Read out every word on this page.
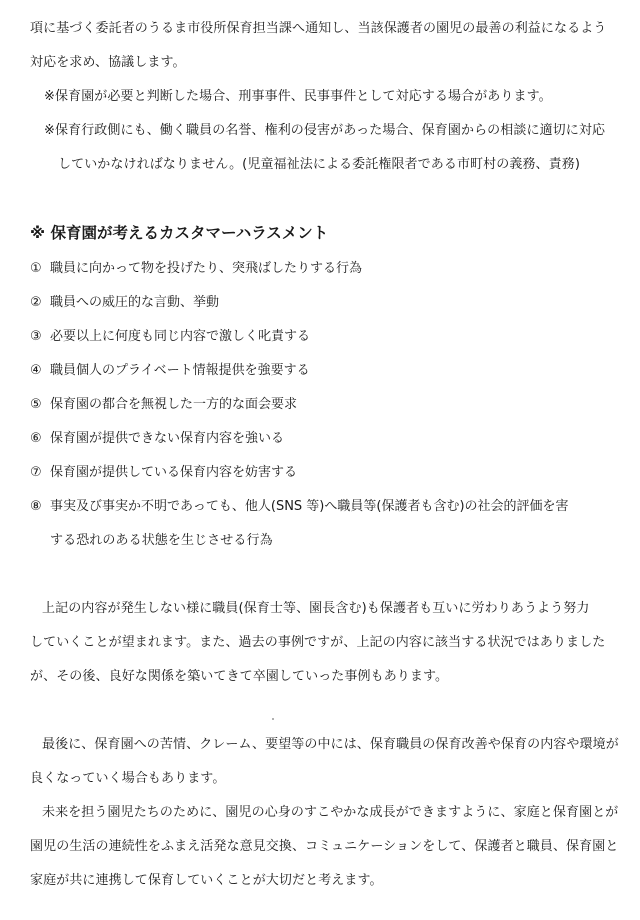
項に基づく委託者のうるま市役所保育担当課へ通知し、当該保護者の園児の最善の利益になるよう
対応を求め、協議します。
※保育園が必要と判断した場合、刑事事件、民事事件として対応する場合があります。
※保育行政側にも、働く職員の名誉、権利の侵害があった場合、保育園からの相談に適切に対応
していかなければなりません。(児童福祉法による委託権限者である市町村の義務、責務)
※ 保育園が考えるカスタマーハラスメント
① 職員に向かって物を投げたり、突飛ばしたりする行為
② 職員への威圧的な言動、挙動
③ 必要以上に何度も同じ内容で激しく叱責する
④ 職員個人のプライベート情報提供を強要する
⑤ 保育園の都合を無視した一方的な面会要求
⑥ 保育園が提供できない保育内容を強いる
⑦ 保育園が提供している保育内容を妨害する
⑧ 事実及び事実か不明であっても、他人(SNS 等)へ職員等(保護者も含む)の社会的評価を害
する恐れのある状態を生じさせる行為
上記の内容が発生しない様に職員(保育士等、園長含む)も保護者も互いに労わりあうよう努力
していくことが望まれます。また、過去の事例ですが、上記の内容に該当する状況ではありました
が、その後、良好な関係を築いてきて卒園していった事例もあります。
最後に、保育園への苦情、クレーム、要望等の中には、保育職員の保育改善や保育の内容や環境が
良くなっていく場合もあります。
未来を担う園児たちのために、園児の心身のすこやかな成長ができますように、家庭と保育園とが
園児の生活の連続性をふまえ活発な意見交換、コミュニケーションをして、保護者と職員、保育園と
家庭が共に連携して保育していくことが大切だと考えます。
